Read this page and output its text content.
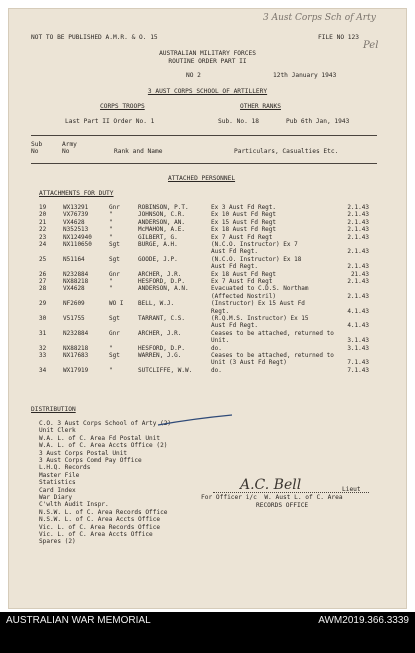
NOT TO BE PUBLISHED A.M.R. & O. 15	FILE NO 123
3 Aust Corps Sch of Arty
Pel
AUSTRALIAN MILITARY FORCES
ROUTINE ORDER PART II
NO 2	12th January 1943
3 AUST CORPS SCHOOL OF ARTILLERY
CORPS TROOPS	OTHER RANKS
Last Part II Order No. 1	Sub. No. 18	Pub 6th Jan, 1943
Sub
No
Army
No	Rank and Name	Particulars, Casualties Etc.
ATTACHED PERSONNEL
ATTACHMENTS FOR DUTY
19	WX13291	Gnr	ROBINSON, P.T.	Ex 3 Aust Fd Regt.	2.1.43
20	VX76739	"	JOHNSON, C.R.	Ex 10 Aust Fd Regt	2.1.43
21	VX4628	"	ANDERSON, AN.	Ex 15 Aust Fd Regt	2.1.43
22	N352513	"	McMAHON, A.E.	Ex 18 Aust Fd Regt	2.1.43
23	NX124940	"	GILBERT, G.	Ex 7 Aust Fd Regt	2.1.43
24	NX110650	Sgt	BURGE, A.H.	(N.C.O. Instructor) Ex 7
Aust Fd Regt.	2.1.43
25	N51164	Sgt	GOODE, J.P.	(N.C.O. Instructor) Ex 18
Aust Fd Regt.	2.1.43
26	N232884	Gnr	ARCHER, J.R.	Ex 18 Aust Fd Regt	21.43
27	NX88218	"	HESFORD, D.P.	Ex 7 Aust Fd Regt	2.1.43
28	VX4628	"	ANDERSON, A.N.	Evacuated to C.D.S. Northam
(Affected Nostril)	2.1.43
29	NF2609	WO I BELL, W.J.	(Instructor) Ex 15 Aust Fd
Regt.	4.1.43
30	V51755	Sgt	TARRANT, C.S.	(R.Q.M.S. Instructor) Ex 15
Aust Fd Regt.	4.1.43
31	N232884	Gnr	ARCHER, J.R.	Ceases to be attached, returned to
Unit.	3.1.43
32	NX88218	"	HESFORD, D.P.	do.	3.1.43
33	NX17683	Sgt	WARREN, J.G.	Ceases to be attached, returned to
Unit (3 Aust Fd Regt)	7.1.43
34	WX17919	"	SUTCLIFFE, W.W.	do.	7.1.43
DISTRIBUTION
C.O. 3 Aust Corps School of Arty (2)
Unit Clerk
W.A. L. of C. Area Fd Postal Unit
W.A. L. of C. Area Accts Office (2)
3 Aust Corps Postal Unit
3 Aust Corps Comd Pay Office
L.H.Q. Records
Master File
Statistics
Card Index
War Diary
C'wlth Audit Inspr.
N.S.W. L. of C. Area Records Office
N.S.W. L. of C. Area Accts Office
Vic. L. of C. Area Records Office
Vic. L. of C. Area Accts Office
Spares (2)
A.C. Bell	Lieut
For Officer i/c  W. Aust L. of C. Area
RECORDS OFFICE
AUSTRALIAN WAR MEMORIAL	AWM2019.366.3339
